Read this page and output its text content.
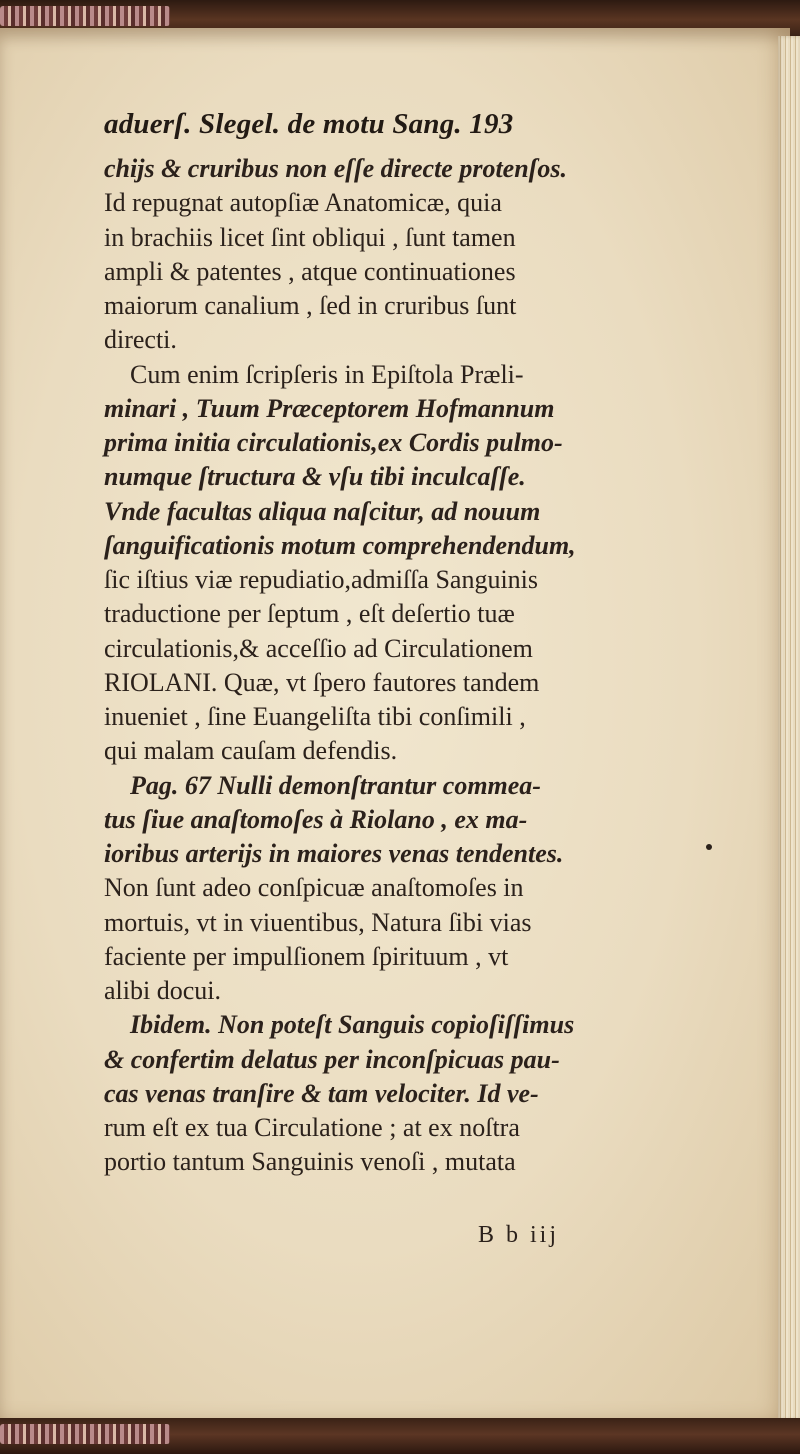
aduerſ. Slegel. de motu Sang. 193
chijs & cruribus non eſſe directe protenſos.
Id repugnat autopſiæ Anatomicæ, quia
in brachiis licet ſint obliqui , ſunt tamen
ampli & patentes , atque continuationes
maiorum canalium , ſed in cruribus ſunt
directi.
Cum enim ſcripſeris in Epiſtola Præli-
minari , Tuum Præceptorem Hofmannum
prima initia circulationis,ex Cordis pulmo-
numque ſtructura & vſu tibi inculcaſſe.
Vnde facultas aliqua naſcitur, ad nouum
ſanguificationis motum comprehendendum,
ſic iſtius viæ repudiatio,admiſſa Sanguinis
traductione per ſeptum , eſt deſertio tuæ
circulationis,& acceſſio ad Circulationem
RIOLANI. Quæ, vt ſpero fautores tandem
inueniet , ſine Euangeliſta tibi conſimili ,
qui malam cauſam defendis.
Pag. 67 Nulli demonſtrantur commea-
tus ſiue anaſtomoſes à Riolano , ex ma-
ioribus arterijs in maiores venas tendentes.
Non ſunt adeo conſpicuæ anaſtomoſes in
mortuis, vt in viuentibus, Natura ſibi vias
faciente per impulſionem ſpirituum , vt
alibi docui.
Ibidem. Non poteſt Sanguis copioſiſſimus
& confertim delatus per inconſpicuas pau-
cas venas tranſire & tam velociter. Id ve-
rum eſt ex tua Circulatione ; at ex noſtra
portio tantum Sanguinis venoſi , mutata
B b iij
